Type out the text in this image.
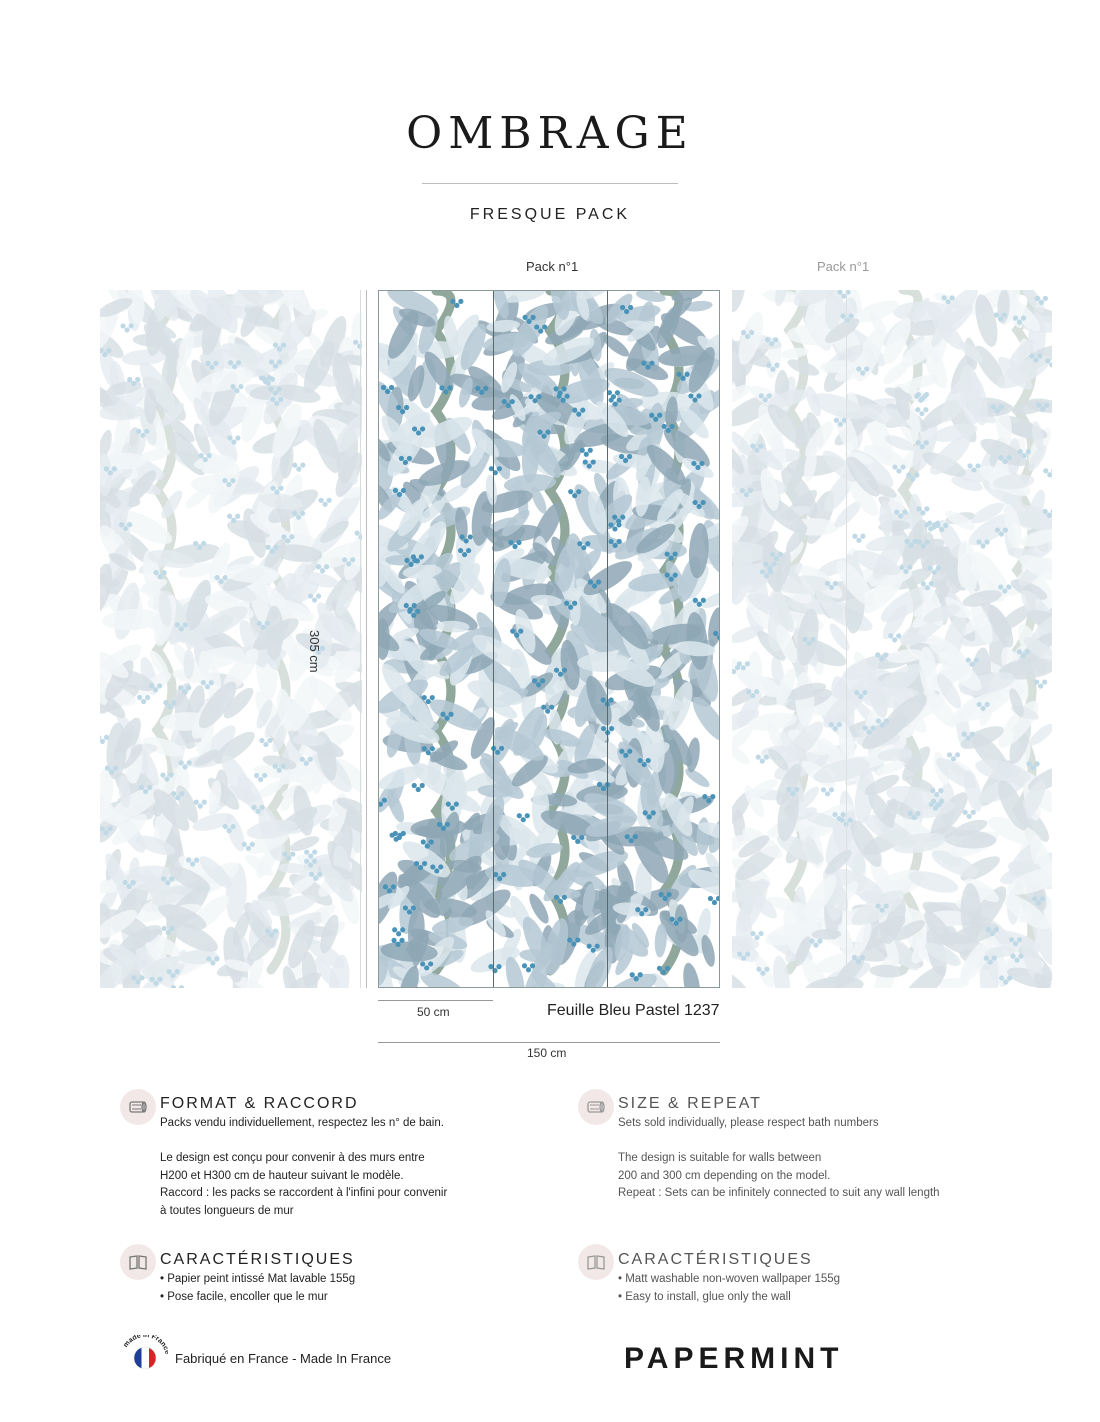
OMBRAGE
FRESQUE PACK
Pack n°1	Pack n°1
305 cm
50 cm	Feuille Bleu Pastel 1237
150 cm
FORMAT & RACCORD
Packs vendu individuellement, respectez les n° de bain.
Le design est conçu pour convenir à des murs entre
H200 et H300 cm de hauteur suivant le modèle.
Raccord : les packs se raccordent à l'infini pour convenir
à toutes longueurs de mur
SIZE & REPEAT
Sets sold individually, please respect bath numbers
The design is suitable for walls between
200 and 300 cm depending on the model.
Repeat : Sets can be infinitely connected to suit any wall length
CARACTÉRISTIQUES
• Papier peint intissé Mat lavable 155g
• Pose facile, encoller que le mur
CARACTÉRISTIQUES
• Matt washable non-woven wallpaper 155g
• Easy to install, glue only the wall
made in Fran
Fabriqué en France - Made In France	PAPERMINT
